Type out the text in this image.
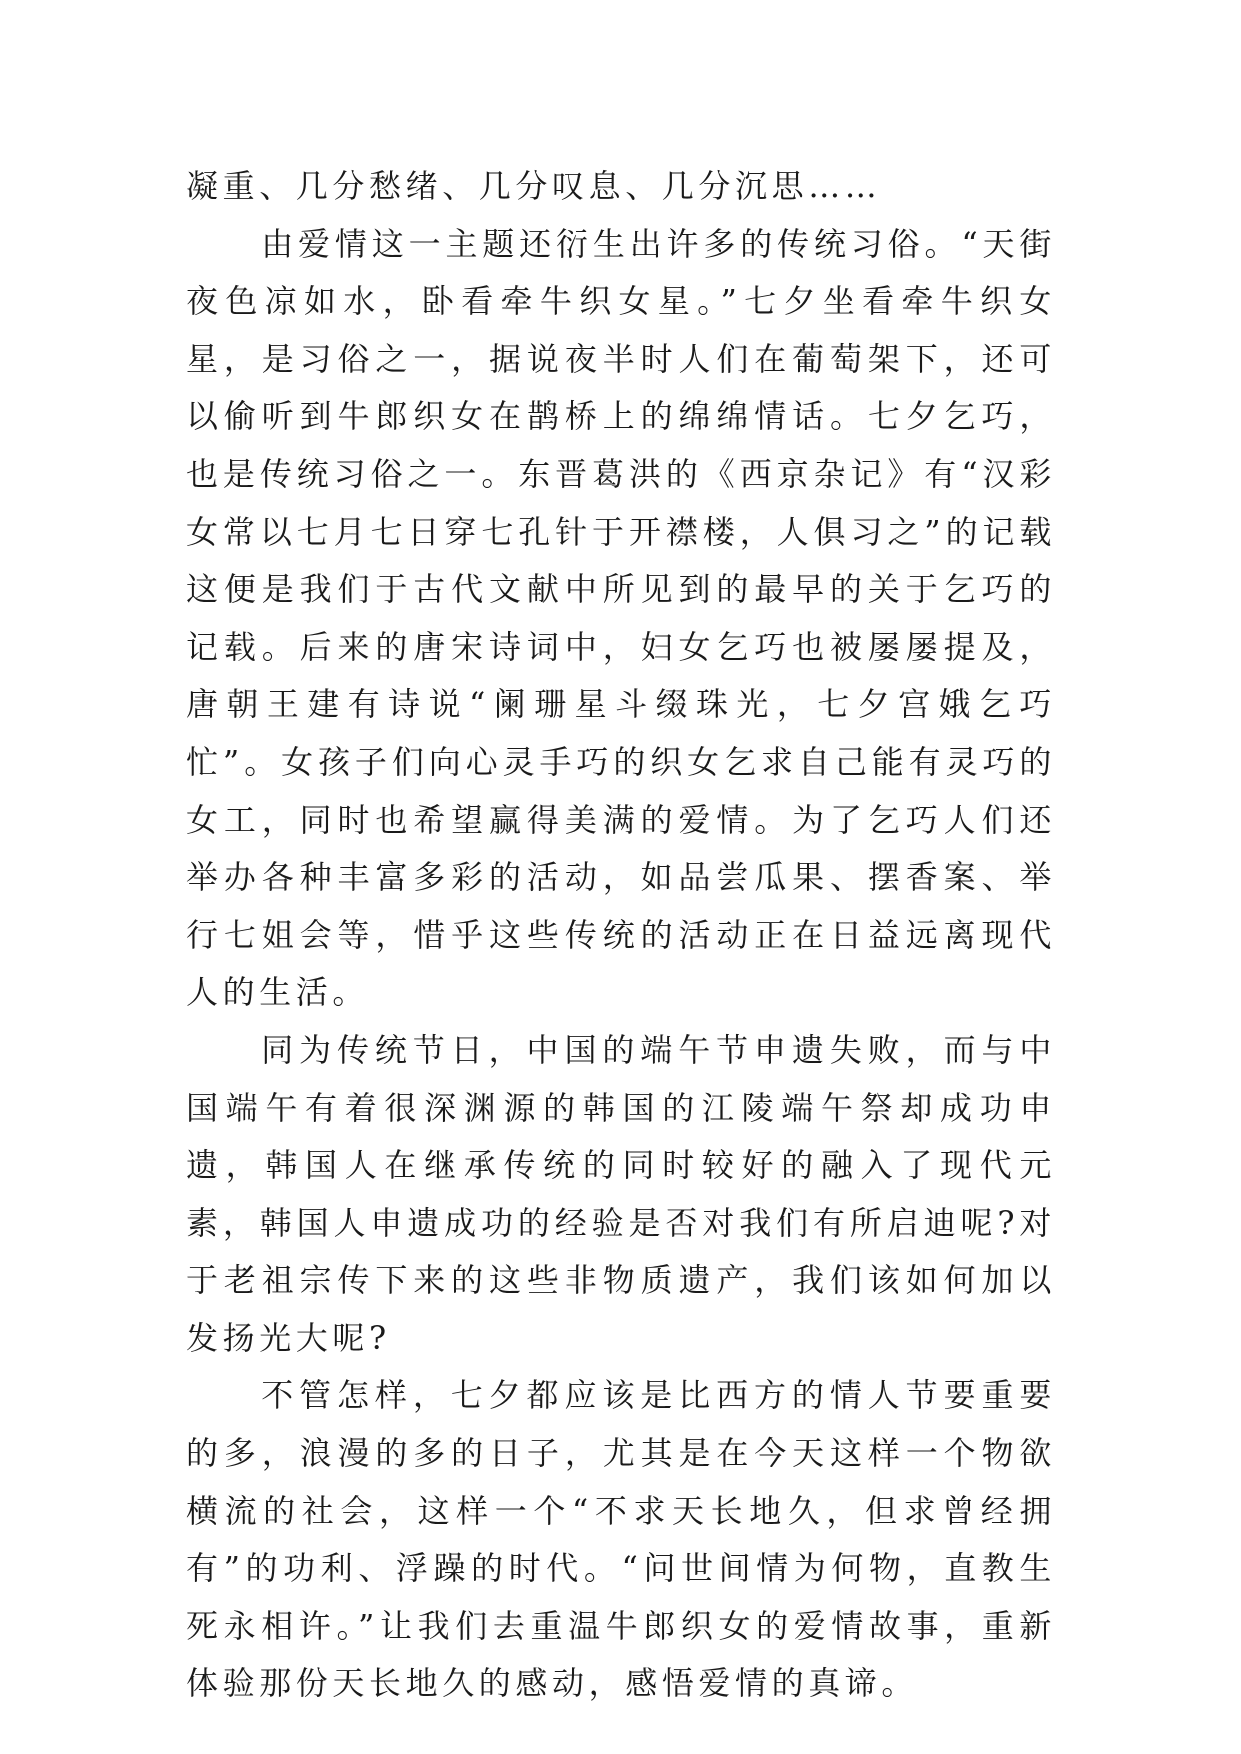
凝重、几分愁绪、几分叹息、几分沉思……

由爱情这一主题还衍生出许多的传统习俗。“天街夜色凉如水，卧看牵牛织女星。”七夕坐看牵牛织女星，是习俗之一，据说夜半时人们在葡萄架下，还可以偷听到牛郎织女在鹊桥上的绵绵情话。七夕乞巧，也是传统习俗之一。东晋葛洪的《西京杂记》有“汉彩女常以七月七日穿七孔针于开襟楼，人俱习之”的记载这便是我们于古代文献中所见到的最早的关于乞巧的记载。后来的唐宋诗词中，妇女乞巧也被屡屡提及，唐朝王建有诗说“阑珊星斗缀珠光，七夕宫娥乞巧忙”。女孩子们向心灵手巧的织女乞求自己能有灵巧的女工，同时也希望赢得美满的爱情。为了乞巧人们还举办各种丰富多彩的活动，如品尝瓜果、摆香案、举行七姐会等，惜乎这些传统的活动正在日益远离现代人的生活。

同为传统节日，中国的端午节申遗失败，而与中国端午有着很深渊源的韩国的江陵端午祭却成功申遗，韩国人在继承传统的同时较好的融入了现代元素，韩国人申遗成功的经验是否对我们有所启迪呢?对于老祖宗传下来的这些非物质遗产，我们该如何加以发扬光大呢?

不管怎样，七夕都应该是比西方的情人节要重要的多，浪漫的多的日子，尤其是在今天这样一个物欲横流的社会，这样一个“不求天长地久，但求曾经拥有”的功利、浮躁的时代。“问世间情为何物，直教生死永相许。”让我们去重温牛郎织女的爱情故事，重新体验那份天长地久的感动，感悟爱情的真谛。
